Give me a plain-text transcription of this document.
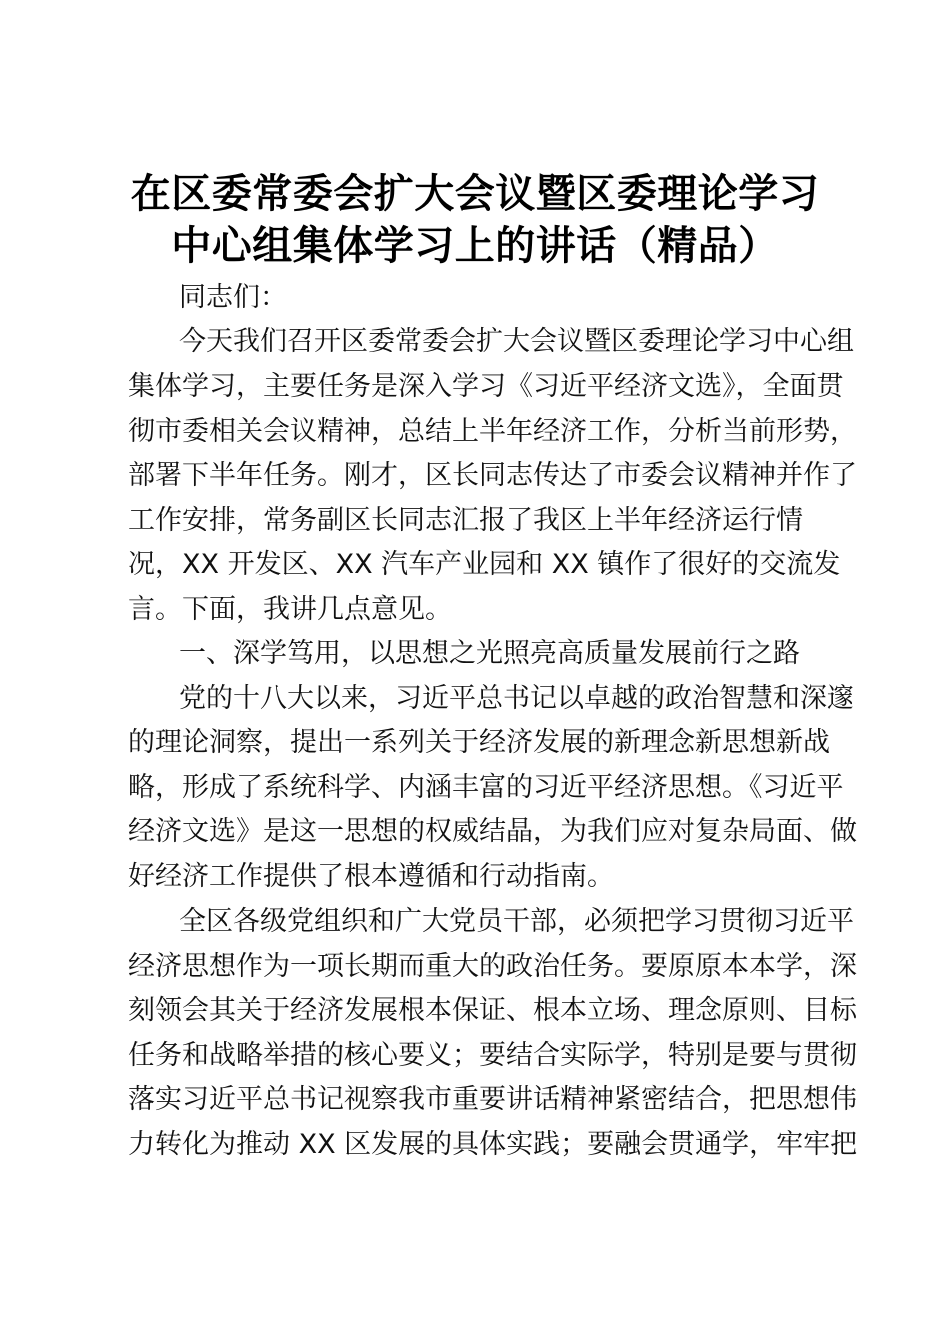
在区委常委会扩大会议暨区委理论学习
中心组集体学习上的讲话（精品）
同志们：
今天我们召开区委常委会扩大会议暨区委理论学习中心组
集体学习，主要任务是深入学习《习近平经济文选》，全面贯
彻市委相关会议精神，总结上半年经济工作，分析当前形势，
部署下半年任务。刚才，区长同志传达了市委会议精神并作了
工作安排，常务副区长同志汇报了我区上半年经济运行情
况，XX 开发区、XX 汽车产业园和 XX 镇作了很好的交流发
言。下面，我讲几点意见。
一、深学笃用，以思想之光照亮高质量发展前行之路
党的十八大以来，习近平总书记以卓越的政治智慧和深邃
的理论洞察，提出一系列关于经济发展的新理念新思想新战
略，形成了系统科学、内涵丰富的习近平经济思想。《习近平
经济文选》是这一思想的权威结晶，为我们应对复杂局面、做
好经济工作提供了根本遵循和行动指南。
全区各级党组织和广大党员干部，必须把学习贯彻习近平
经济思想作为一项长期而重大的政治任务。要原原本本学，深
刻领会其关于经济发展根本保证、根本立场、理念原则、目标
任务和战略举措的核心要义；要结合实际学，特别是要与贯彻
落实习近平总书记视察我市重要讲话精神紧密结合，把思想伟
力转化为推动 XX 区发展的具体实践；要融会贯通学，牢牢把
